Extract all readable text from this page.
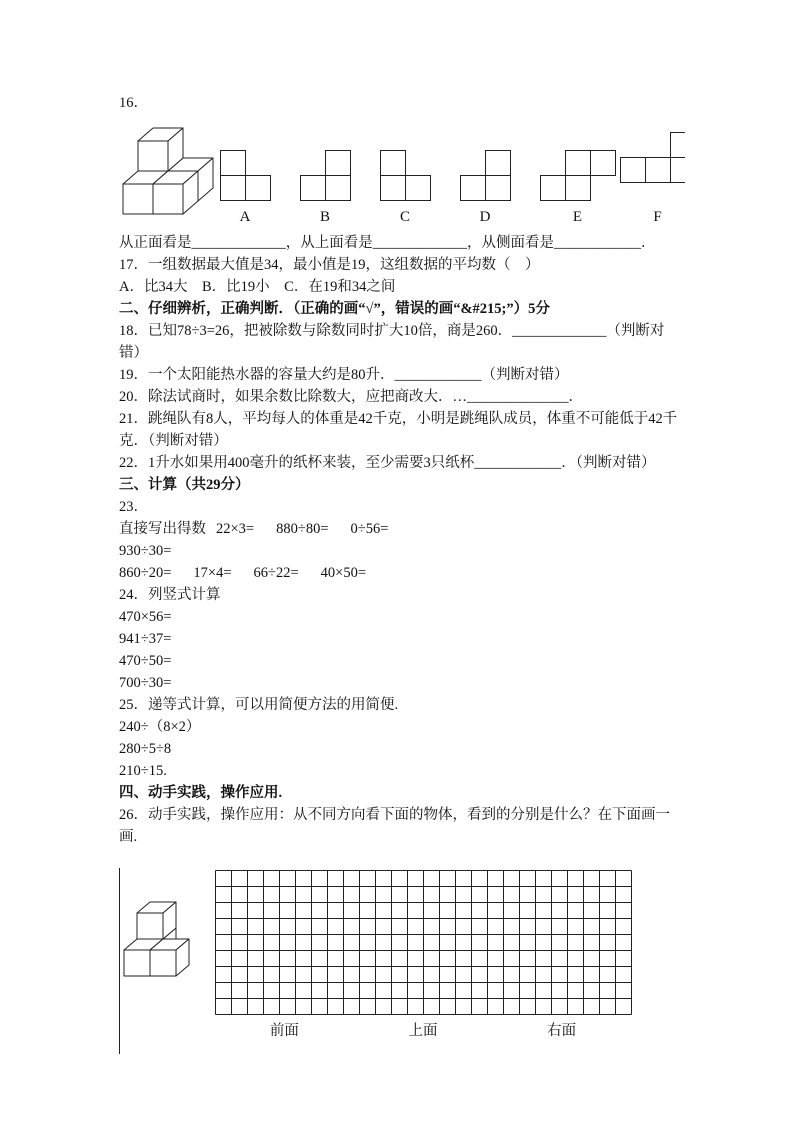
16．

A	B	C	D	E	F

从正面看是_____________，从上面看是_____________，从侧面看是____________．

17．一组数据最大值是34，最小值是19，这组数据的平均数（　）

A．比34大　B．比19小　C．在19和34之间

二、仔细辨析，正确判断．（正确的画“√”，错误的画“&#215;”）5分

18．已知78÷3=26，把被除数与除数同时扩大10倍，商是260．_____________（判断对错）

19．一个太阳能热水器的容量大约是80升．____________（判断对错）

20．除法试商时，如果余数比除数大，应把商改大．…______________．

21．跳绳队有8人，平均每人的体重是42千克，小明是跳绳队成员，体重不可能低于42千克．（判断对错）

22．1升水如果用400毫升的纸杯来装，至少需要3只纸杯____________．（判断对错）

三、计算（共29分）

23．

直接写出得数 22×3= 880÷80= 0÷56=

930÷30=

860÷20= 17×4= 66÷22= 40×50=

24．列竖式计算

470×56=

941÷37=

470÷50=

700÷30=

25．递等式计算，可以用简便方法的用简便.

240÷（8×2）

280÷5÷8

210÷15.

四、动手实践，操作应用.

26．动手实践，操作应用：从不同方向看下面的物体，看到的分别是什么？在下面画一画.

前面	上面	右面
